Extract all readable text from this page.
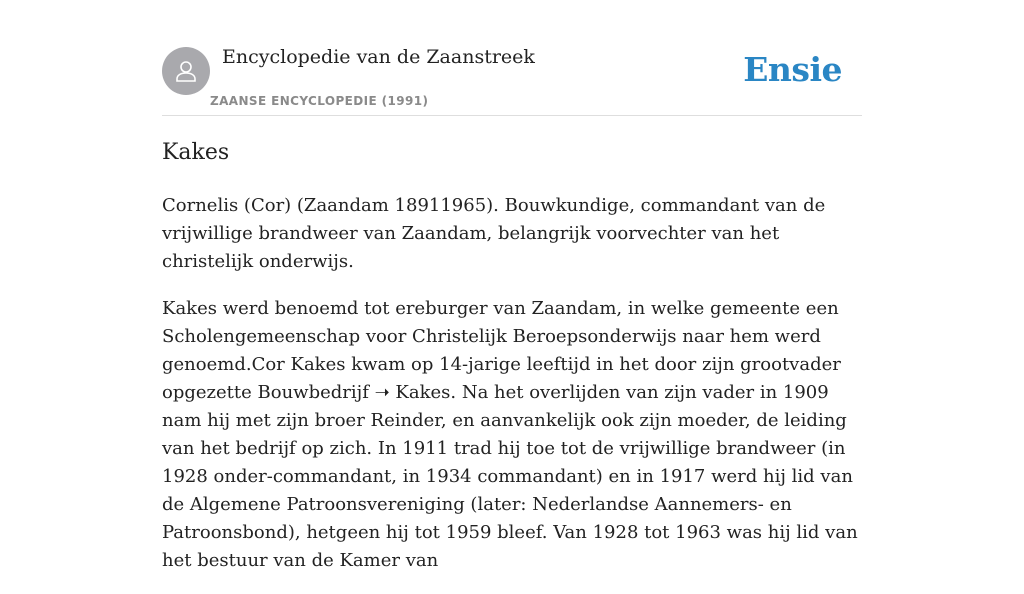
Encyclopedie van de Zaanstreek
ZAANSE ENCYCLOPEDIE (1991)
Ensie
Kakes

Cornelis (Cor) (Zaandam 18911965). Bouwkundige, commandant van de vrijwillige brandweer van Zaandam, belangrijk voorvechter van het christelijk onderwijs.

Kakes werd benoemd tot ereburger van Zaandam, in welke gemeente een Scholengemeenschap voor Christelijk Beroepsonderwijs naar hem werd genoemd.Cor Kakes kwam op 14-jarige leeftijd in het door zijn grootvader opgezette Bouwbedrijf ➝ Kakes. Na het overlijden van zijn vader in 1909 nam hij met zijn broer Reinder, en aanvankelijk ook zijn moeder, de leiding van het bedrijf op zich. In 1911 trad hij toe tot de vrijwillige brandweer (in 1928 onder-commandant, in 1934 commandant) en in 1917 werd hij lid van de Algemene Patroonsvereniging (later: Nederlandse Aannemers- en Patroonsbond), hetgeen hij tot 1959 bleef. Van 1928 tot 1963 was hij lid van het bestuur van de Kamer van
